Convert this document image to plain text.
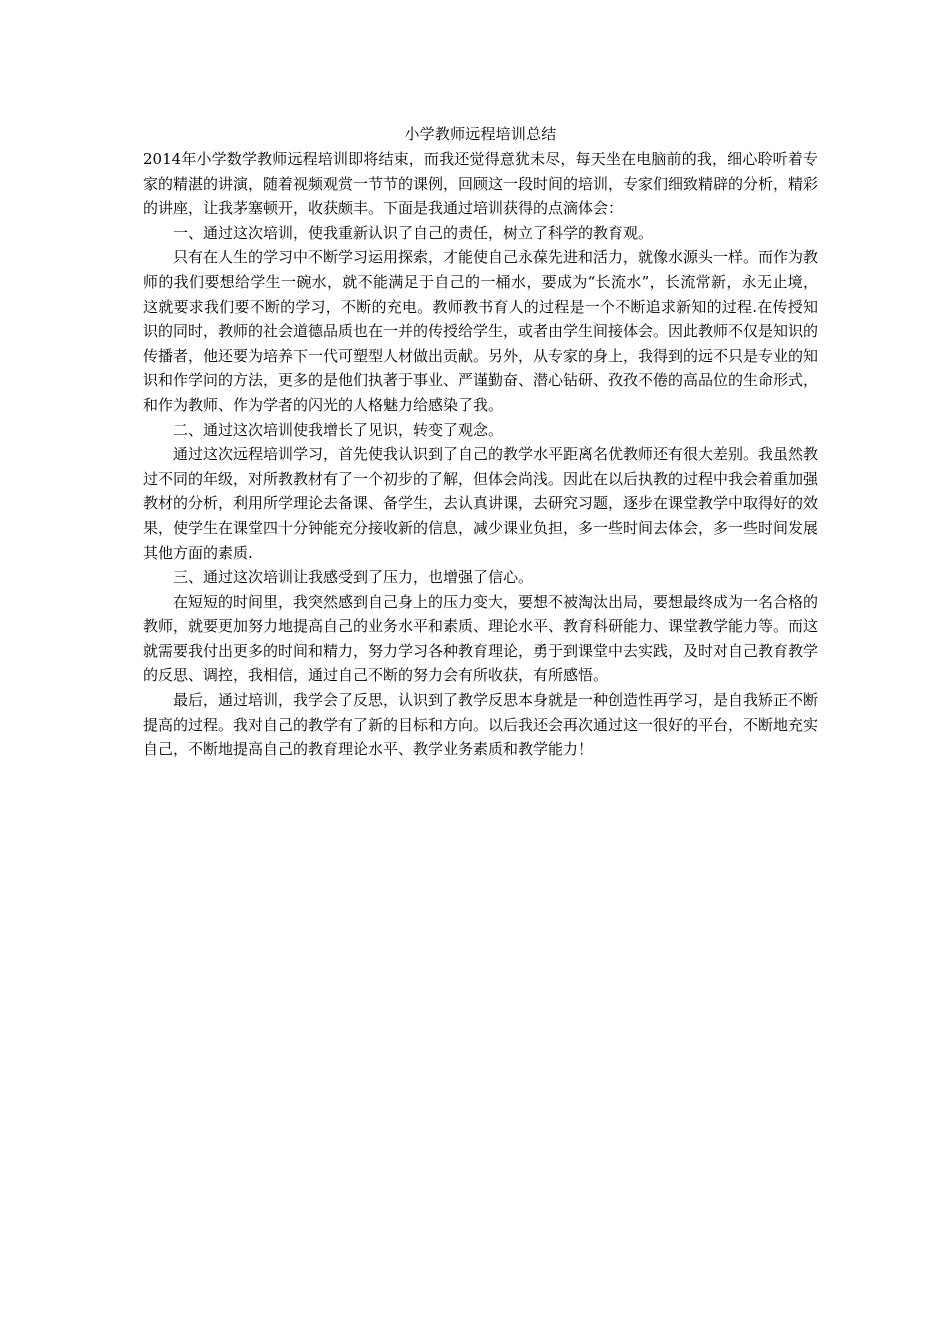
小学教师远程培训总结

2014年小学数学教师远程培训即将结束，而我还觉得意犹未尽，每天坐在电脑前的我，细心聆听着专家的精湛的讲演，随着视频观赏一节节的课例，回顾这一段时间的培训，专家们细致精辟的分析，精彩的讲座，让我茅塞顿开，收获颇丰。下面是我通过培训获得的点滴体会：

一、通过这次培训，使我重新认识了自己的责任，树立了科学的教育观。

只有在人生的学习中不断学习运用探索，才能使自己永葆先进和活力，就像水源头一样。而作为教师的我们要想给学生一碗水，就不能满足于自己的一桶水，要成为“长流水”，长流常新，永无止境，这就要求我们要不断的学习，不断的充电。教师教书育人的过程是一个不断追求新知的过程.在传授知识的同时，教师的社会道德品质也在一并的传授给学生，或者由学生间接体会。因此教师不仅是知识的传播者，他还要为培养下一代可塑型人材做出贡献。另外，从专家的身上，我得到的远不只是专业的知识和作学问的方法，更多的是他们执著于事业、严谨勤奋、潜心钻研、孜孜不倦的高品位的生命形式，和作为教师、作为学者的闪光的人格魅力给感染了我。

二、通过这次培训使我增长了见识，转变了观念。

通过这次远程培训学习，首先使我认识到了自己的教学水平距离名优教师还有很大差别。我虽然教过不同的年级，对所教教材有了一个初步的了解，但体会尚浅。因此在以后执教的过程中我会着重加强教材的分析，利用所学理论去备课、备学生，去认真讲课，去研究习题，逐步在课堂教学中取得好的效果，使学生在课堂四十分钟能充分接收新的信息，减少课业负担，多一些时间去体会，多一些时间发展其他方面的素质.

三、通过这次培训让我感受到了压力，也增强了信心。

在短短的时间里，我突然感到自己身上的压力变大，要想不被淘汰出局，要想最终成为一名合格的教师，就要更加努力地提高自己的业务水平和素质、理论水平、教育科研能力、课堂教学能力等。而这就需要我付出更多的时间和精力，努力学习各种教育理论，勇于到课堂中去实践，及时对自己教育教学的反思、调控，我相信，通过自己不断的努力会有所收获，有所感悟。

最后，通过培训，我学会了反思，认识到了教学反思本身就是一种创造性再学习，是自我矫正不断提高的过程。我对自己的教学有了新的目标和方向。以后我还会再次通过这一很好的平台，不断地充实自己，不断地提高自己的教育理论水平、教学业务素质和教学能力！
